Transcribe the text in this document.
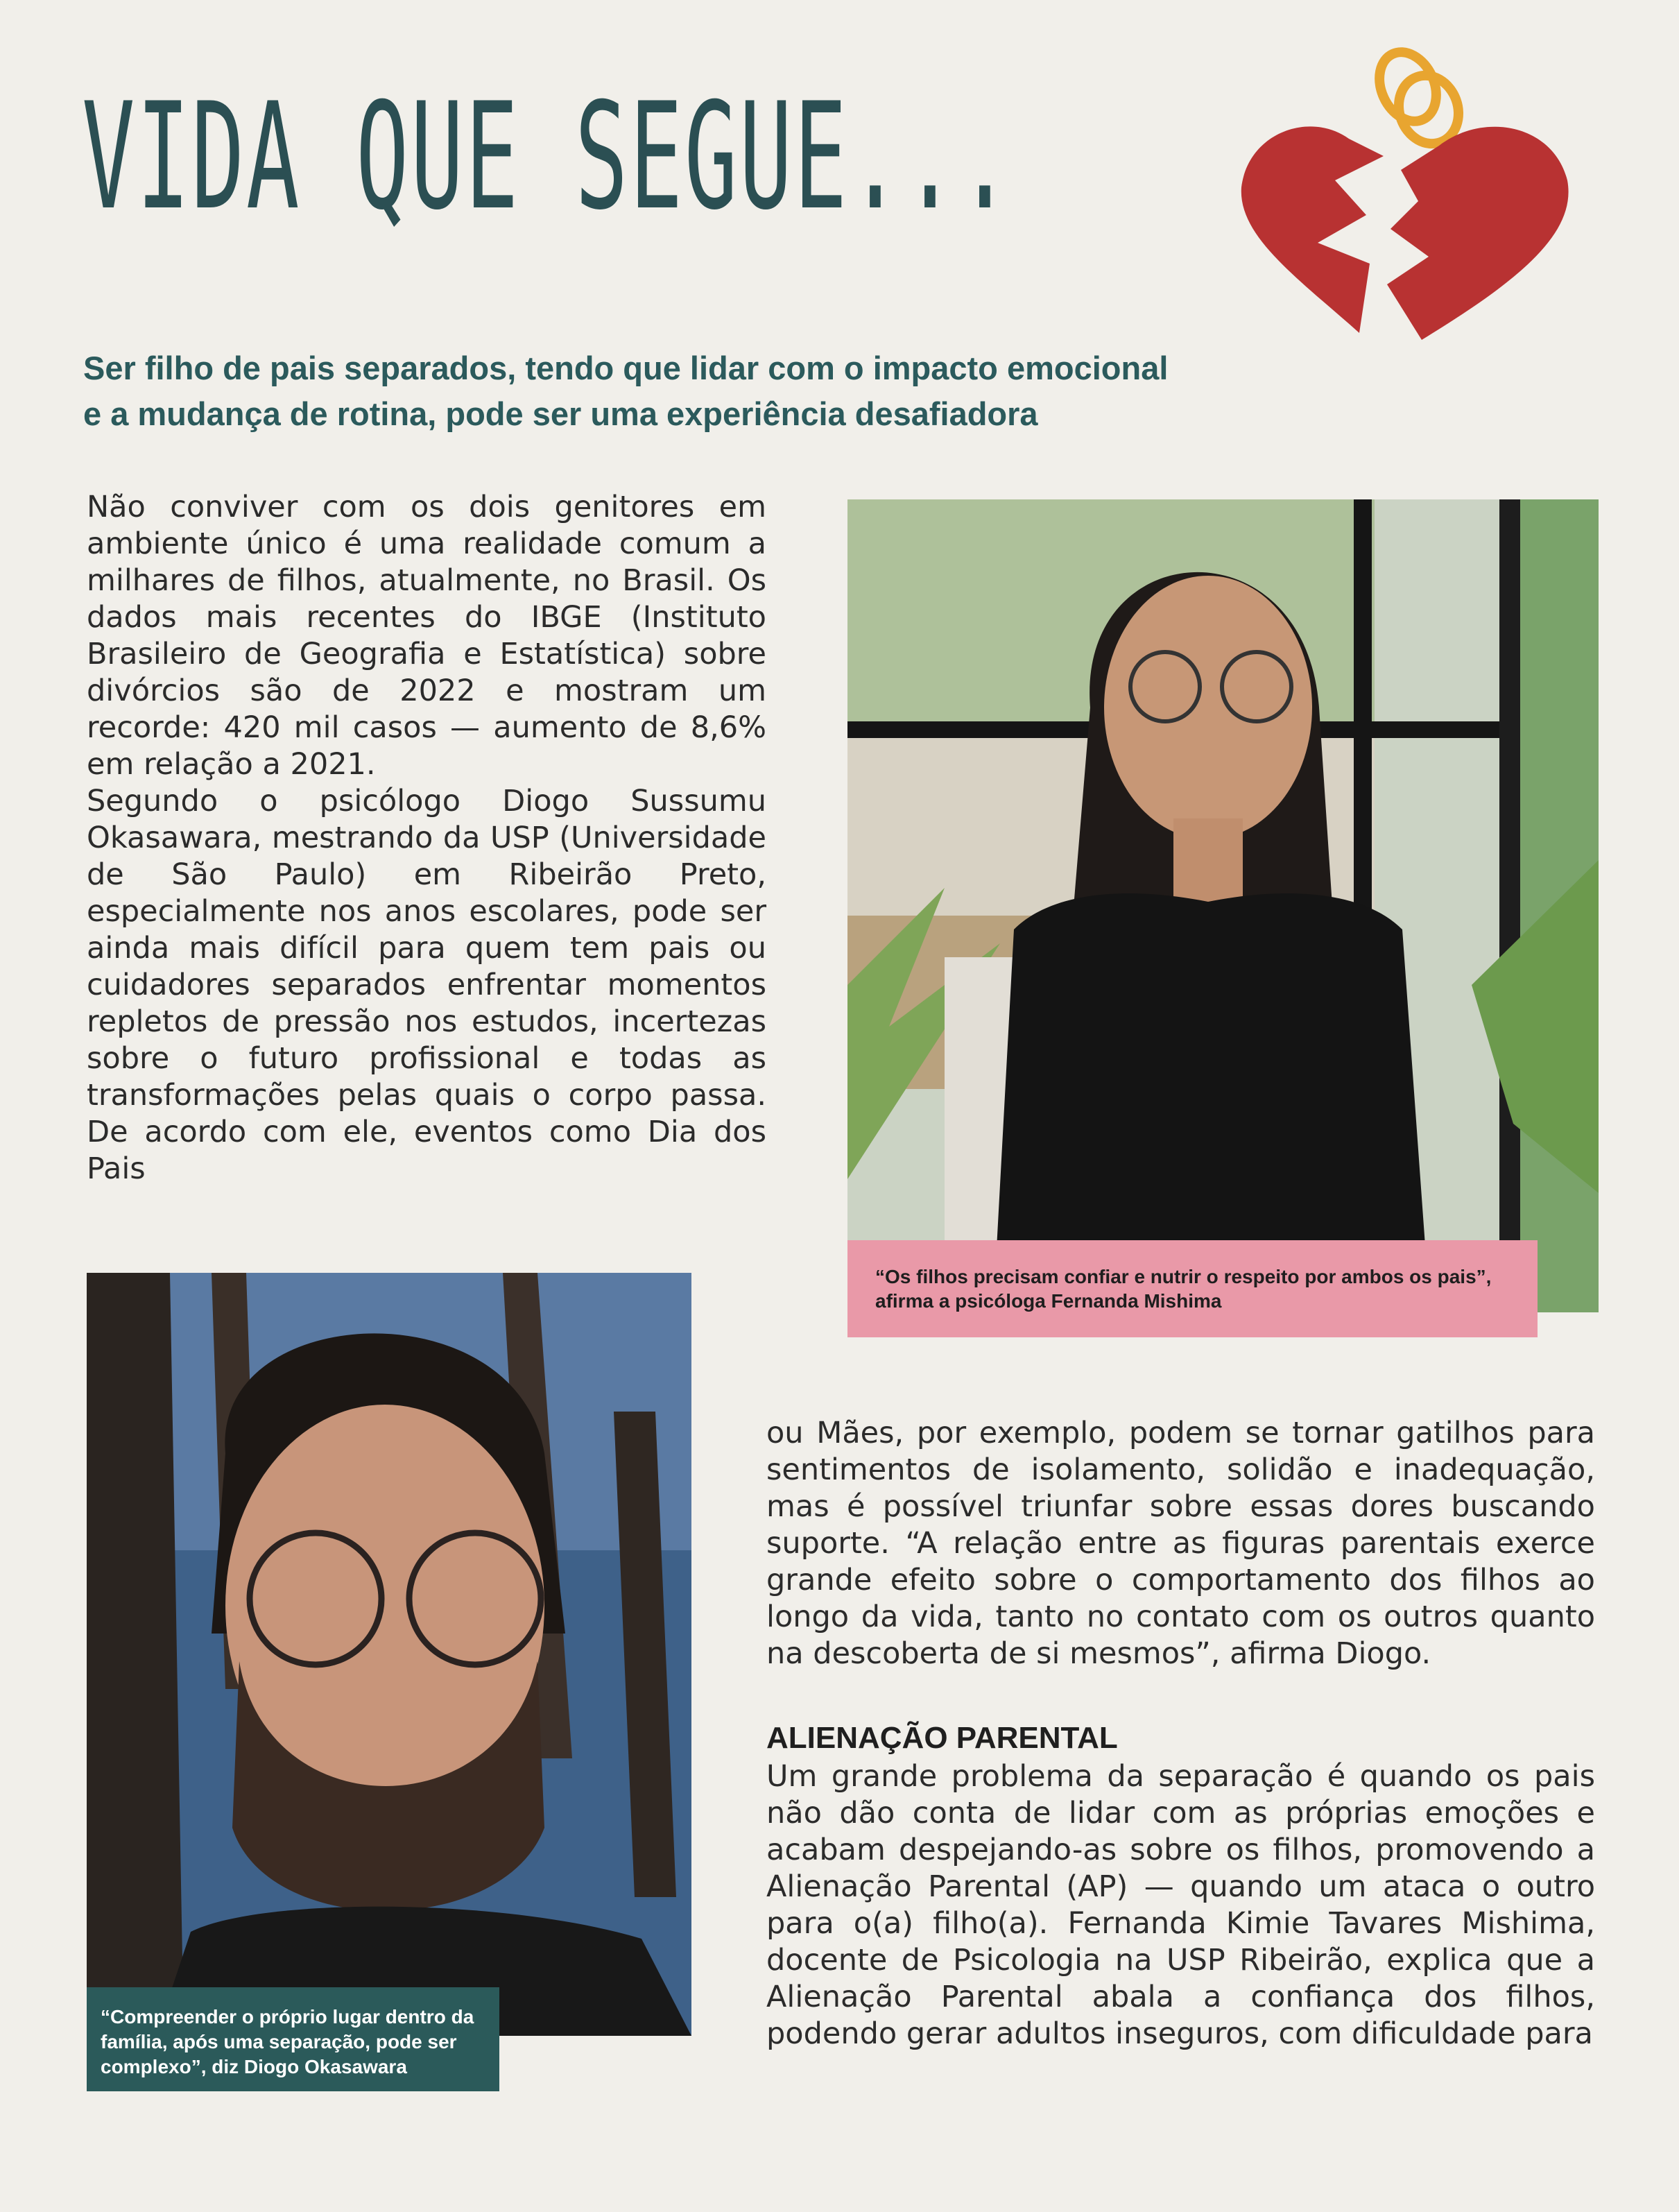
VIDA QUE SEGUE...
Ser filho de pais separados, tendo que lidar com o impacto emocional
e a mudança de rotina, pode ser uma experiência desafiadora

Não conviver com os dois genitores em ambiente único é uma realidade comum a milhares de filhos, atualmente, no Brasil. Os dados mais recentes do IBGE (Instituto Brasileiro de Geografia e Estatística) sobre divórcios são de 2022 e mostram um recorde: 420 mil casos — aumento de 8,6% em relação a 2021.

Segundo o psicólogo Diogo Sussumu Okasawara, mestrando da USP (Universidade de São Paulo) em Ribeirão Preto, especialmente nos anos escolares, pode ser ainda mais difícil para quem tem pais ou cuidadores separados enfrentar momentos repletos de pressão nos estudos, incertezas sobre o futuro profissional e todas as transformações pelas quais o corpo passa. De acordo com ele, eventos como Dia dos Pais

“Os filhos precisam confiar e nutrir o respeito por ambos os pais”, afirma a psicóloga Fernanda Mishima
“Compreender o próprio lugar dentro da família, após uma separação, pode ser complexo”, diz Diogo Okasawara

ou Mães, por exemplo, podem se tornar gatilhos para sentimentos de isolamento, solidão e inadequação, mas é possível triunfar sobre essas dores buscando suporte. “A relação entre as figuras parentais exerce grande efeito sobre o comportamento dos filhos ao longo da vida, tanto no contato com os outros quanto na descoberta de si mesmos”, afirma Diogo.

ALIENAÇÃO PARENTAL

Um grande problema da separação é quando os pais não dão conta de lidar com as próprias emoções e acabam despejando-as sobre os filhos, promovendo a Alienação Parental (AP) — quando um ataca o outro para o(a) filho(a). Fernanda Kimie Tavares Mishima, docente de Psicologia na USP Ribeirão, explica que a Alienação Parental abala a confiança dos filhos, podendo gerar adultos inseguros, com dificuldade para
